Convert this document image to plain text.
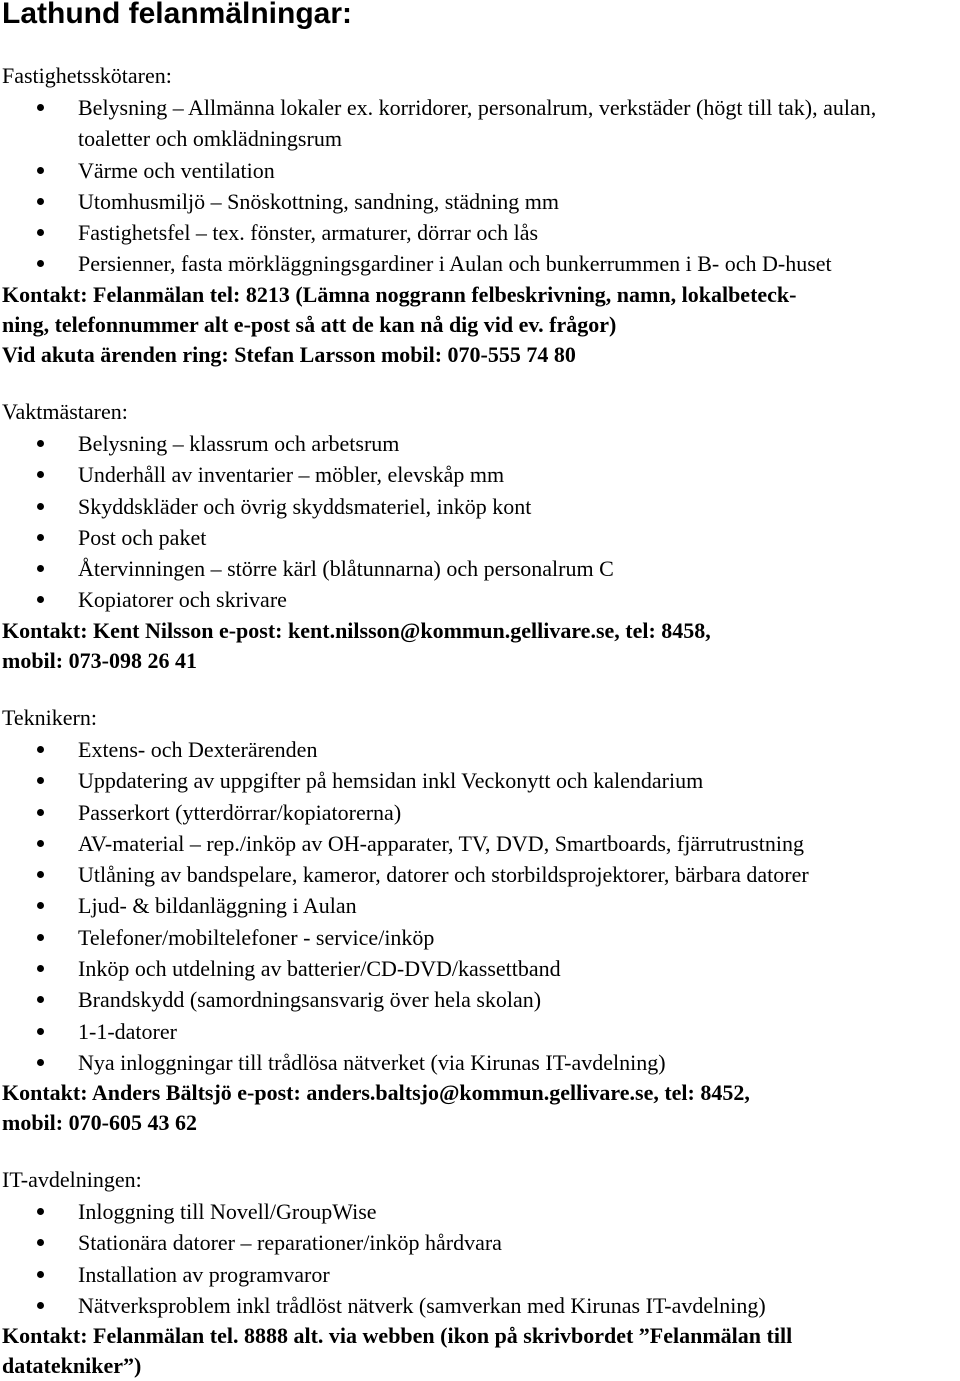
Lathund felanmälningar:
Fastighetsskötaren:
Belysning – Allmänna lokaler ex. korridorer, personalrum, verkstäder (högt till tak), aulan, toaletter och omklädningsrum
Värme och ventilation
Utomhusmiljö – Snöskottning, sandning, städning mm
Fastighetsfel – tex. fönster, armaturer, dörrar och lås
Persienner, fasta mörkläggningsgardiner i Aulan och bunkerrummen i B- och D-huset

Kontakt: Felanmälan tel: 8213 (Lämna noggrann felbeskrivning, namn, lokalbeteck-
ning, telefonnummer alt e-post så att de kan nå dig vid ev. frågor)
Vid akuta ärenden ring: Stefan Larsson mobil: 070-555 74 80

Vaktmästaren:
Belysning – klassrum och arbetsrum
Underhåll av inventarier – möbler, elevskåp mm
Skyddskläder och övrig skyddsmateriel, inköp kont
Post och paket
Återvinningen – större kärl (blåtunnarna) och personalrum C
Kopiatorer och skrivare

Kontakt: Kent Nilsson e-post: kent.nilsson@kommun.gellivare.se, tel: 8458,
mobil: 073-098 26 41

Teknikern:
Extens- och Dexterärenden
Uppdatering av uppgifter på hemsidan inkl Veckonytt och kalendarium
Passerkort (ytterdörrar/kopiatorerna)
AV-material – rep./inköp av OH-apparater, TV, DVD, Smartboards, fjärrutrustning
Utlåning av bandspelare, kameror, datorer och storbildsprojektorer, bärbara datorer
Ljud- & bildanläggning i Aulan
Telefoner/mobiltelefoner - service/inköp
Inköp och utdelning av batterier/CD-DVD/kassettband
Brandskydd (samordningsansvarig över hela skolan)
1-1-datorer
Nya inloggningar till trådlösa nätverket (via Kirunas IT-avdelning)

Kontakt: Anders Bältsjö e-post: anders.baltsjo@kommun.gellivare.se, tel: 8452,
mobil: 070-605 43 62

IT-avdelningen:
Inloggning till Novell/GroupWise
Stationära datorer – reparationer/inköp hårdvara
Installation av programvaror
Nätverksproblem inkl trådlöst nätverk (samverkan med Kirunas IT-avdelning)

Kontakt: Felanmälan tel. 8888 alt. via webben (ikon på skrivbordet ”Felanmälan till
datatekniker”)
